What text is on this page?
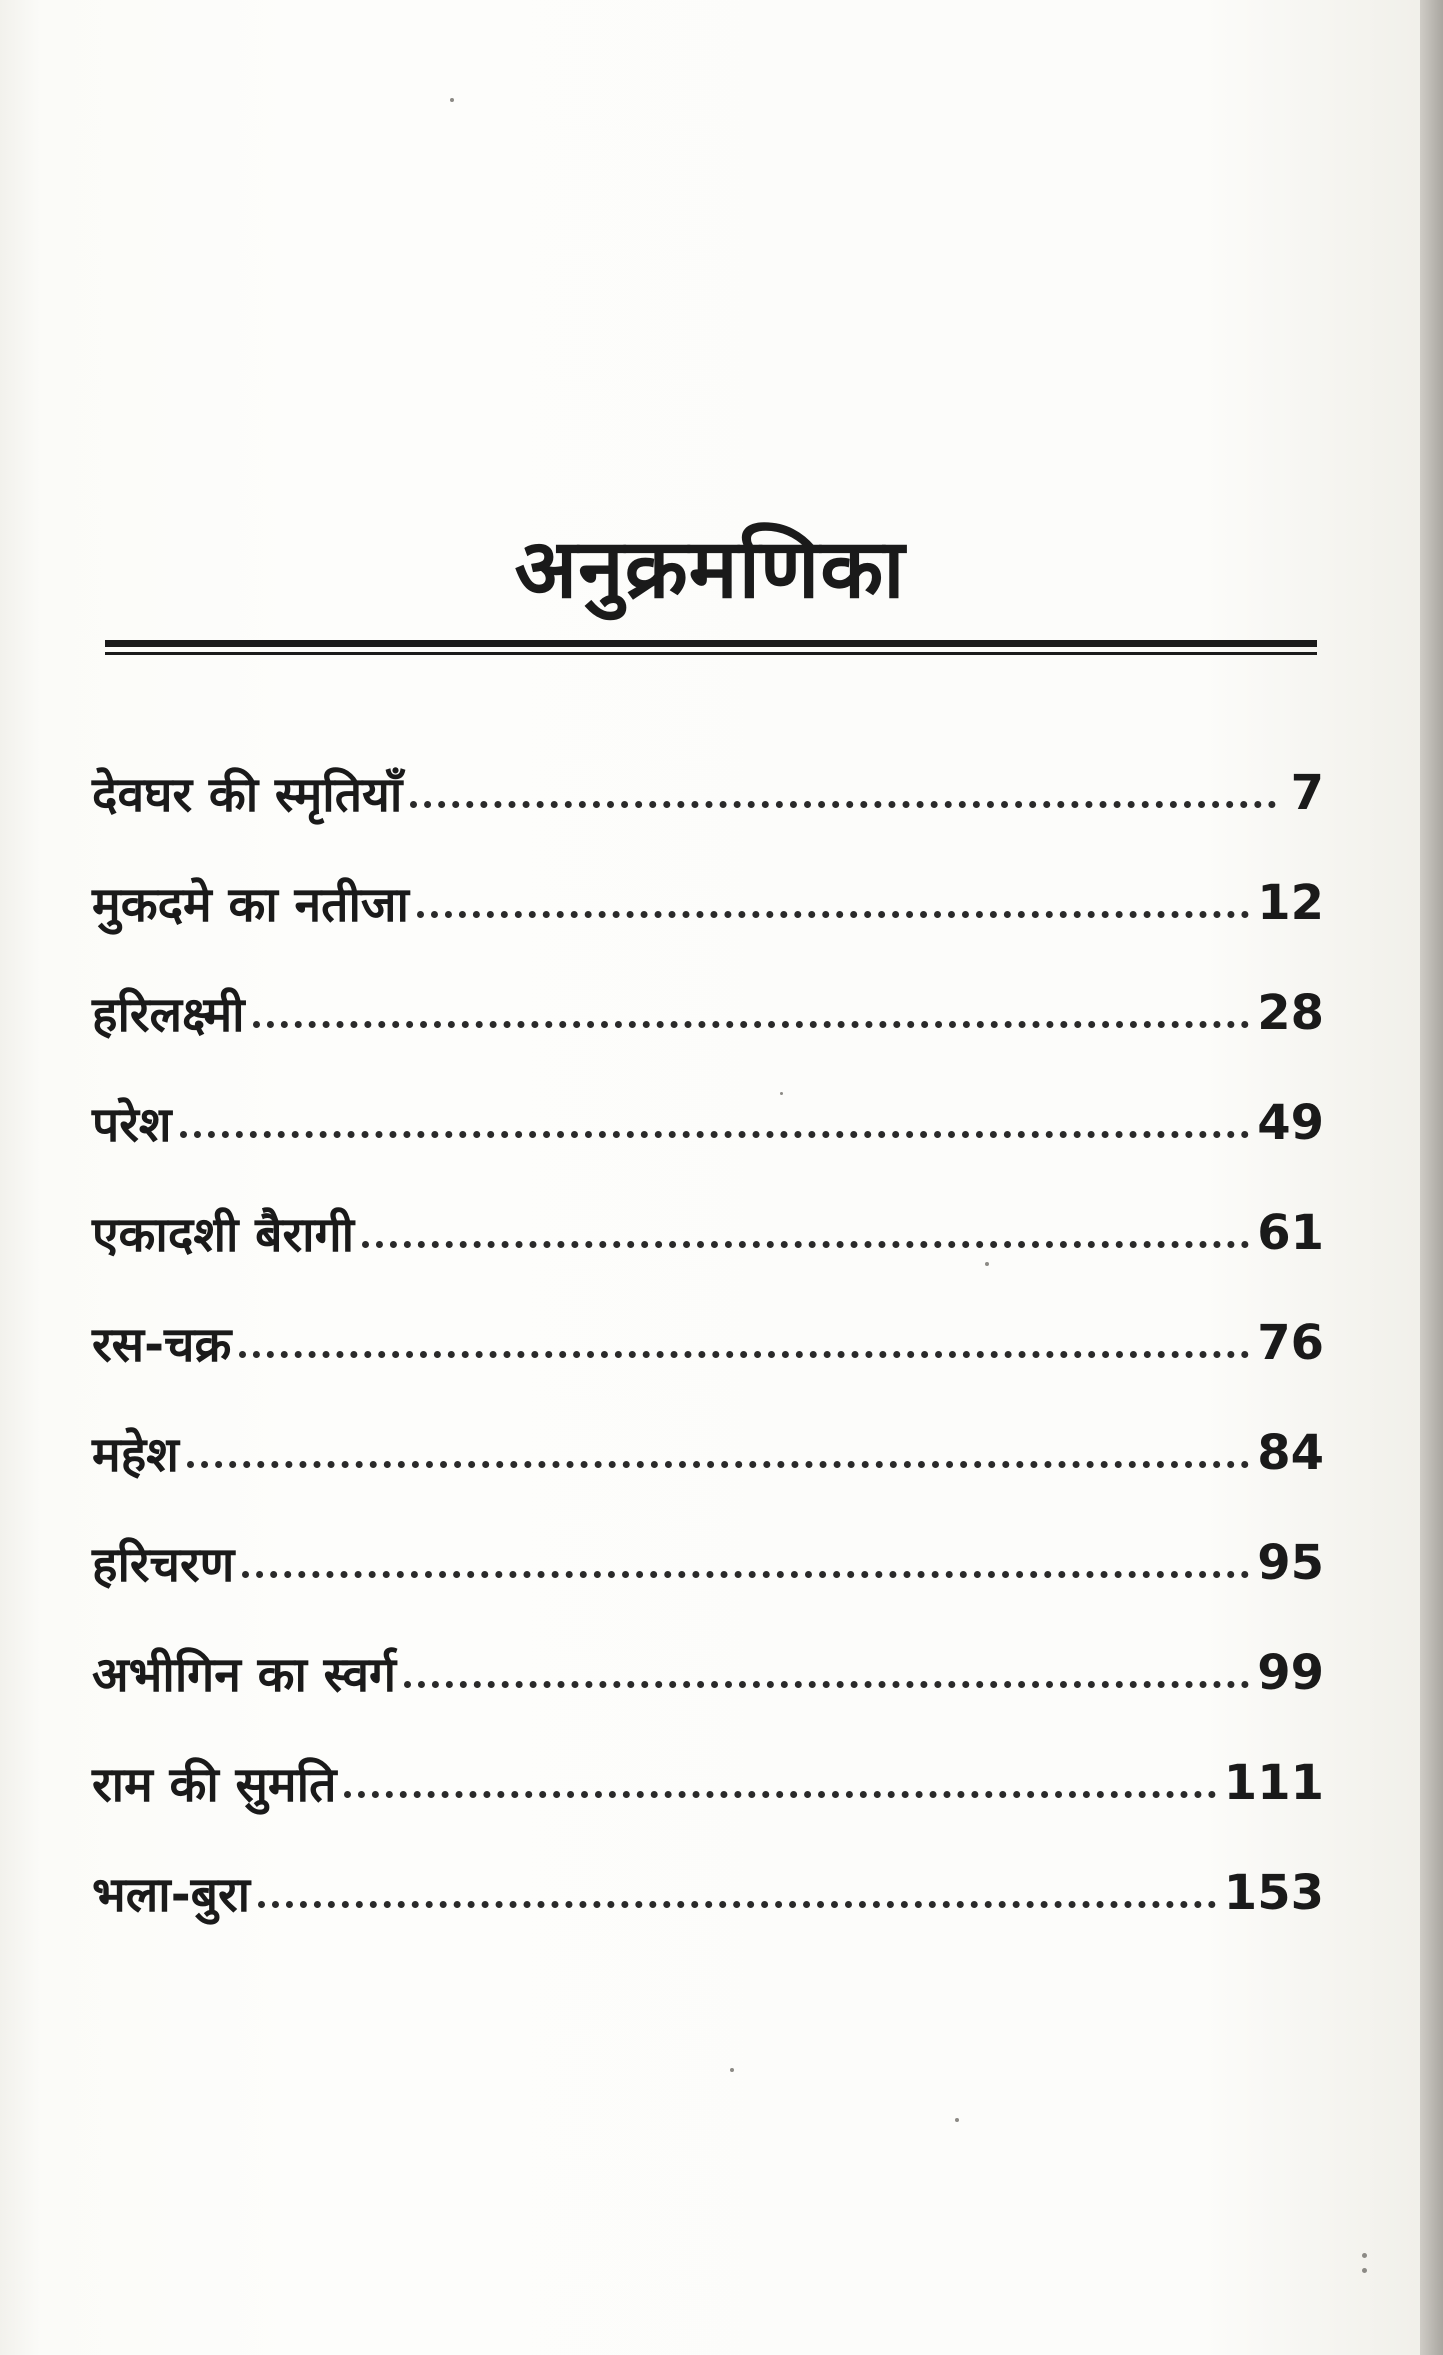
अनुक्रमणिका
देवघर की स्मृतियाँ	7
मुकदमे का नतीजा	12
हरिलक्ष्मी	28
परेश	49
एकादशी बैरागी	61
रस-चक्र	76
महेश	84
हरिचरण	95
अभीगिन का स्वर्ग	99
राम की सुमति	111
भला-बुरा	153
